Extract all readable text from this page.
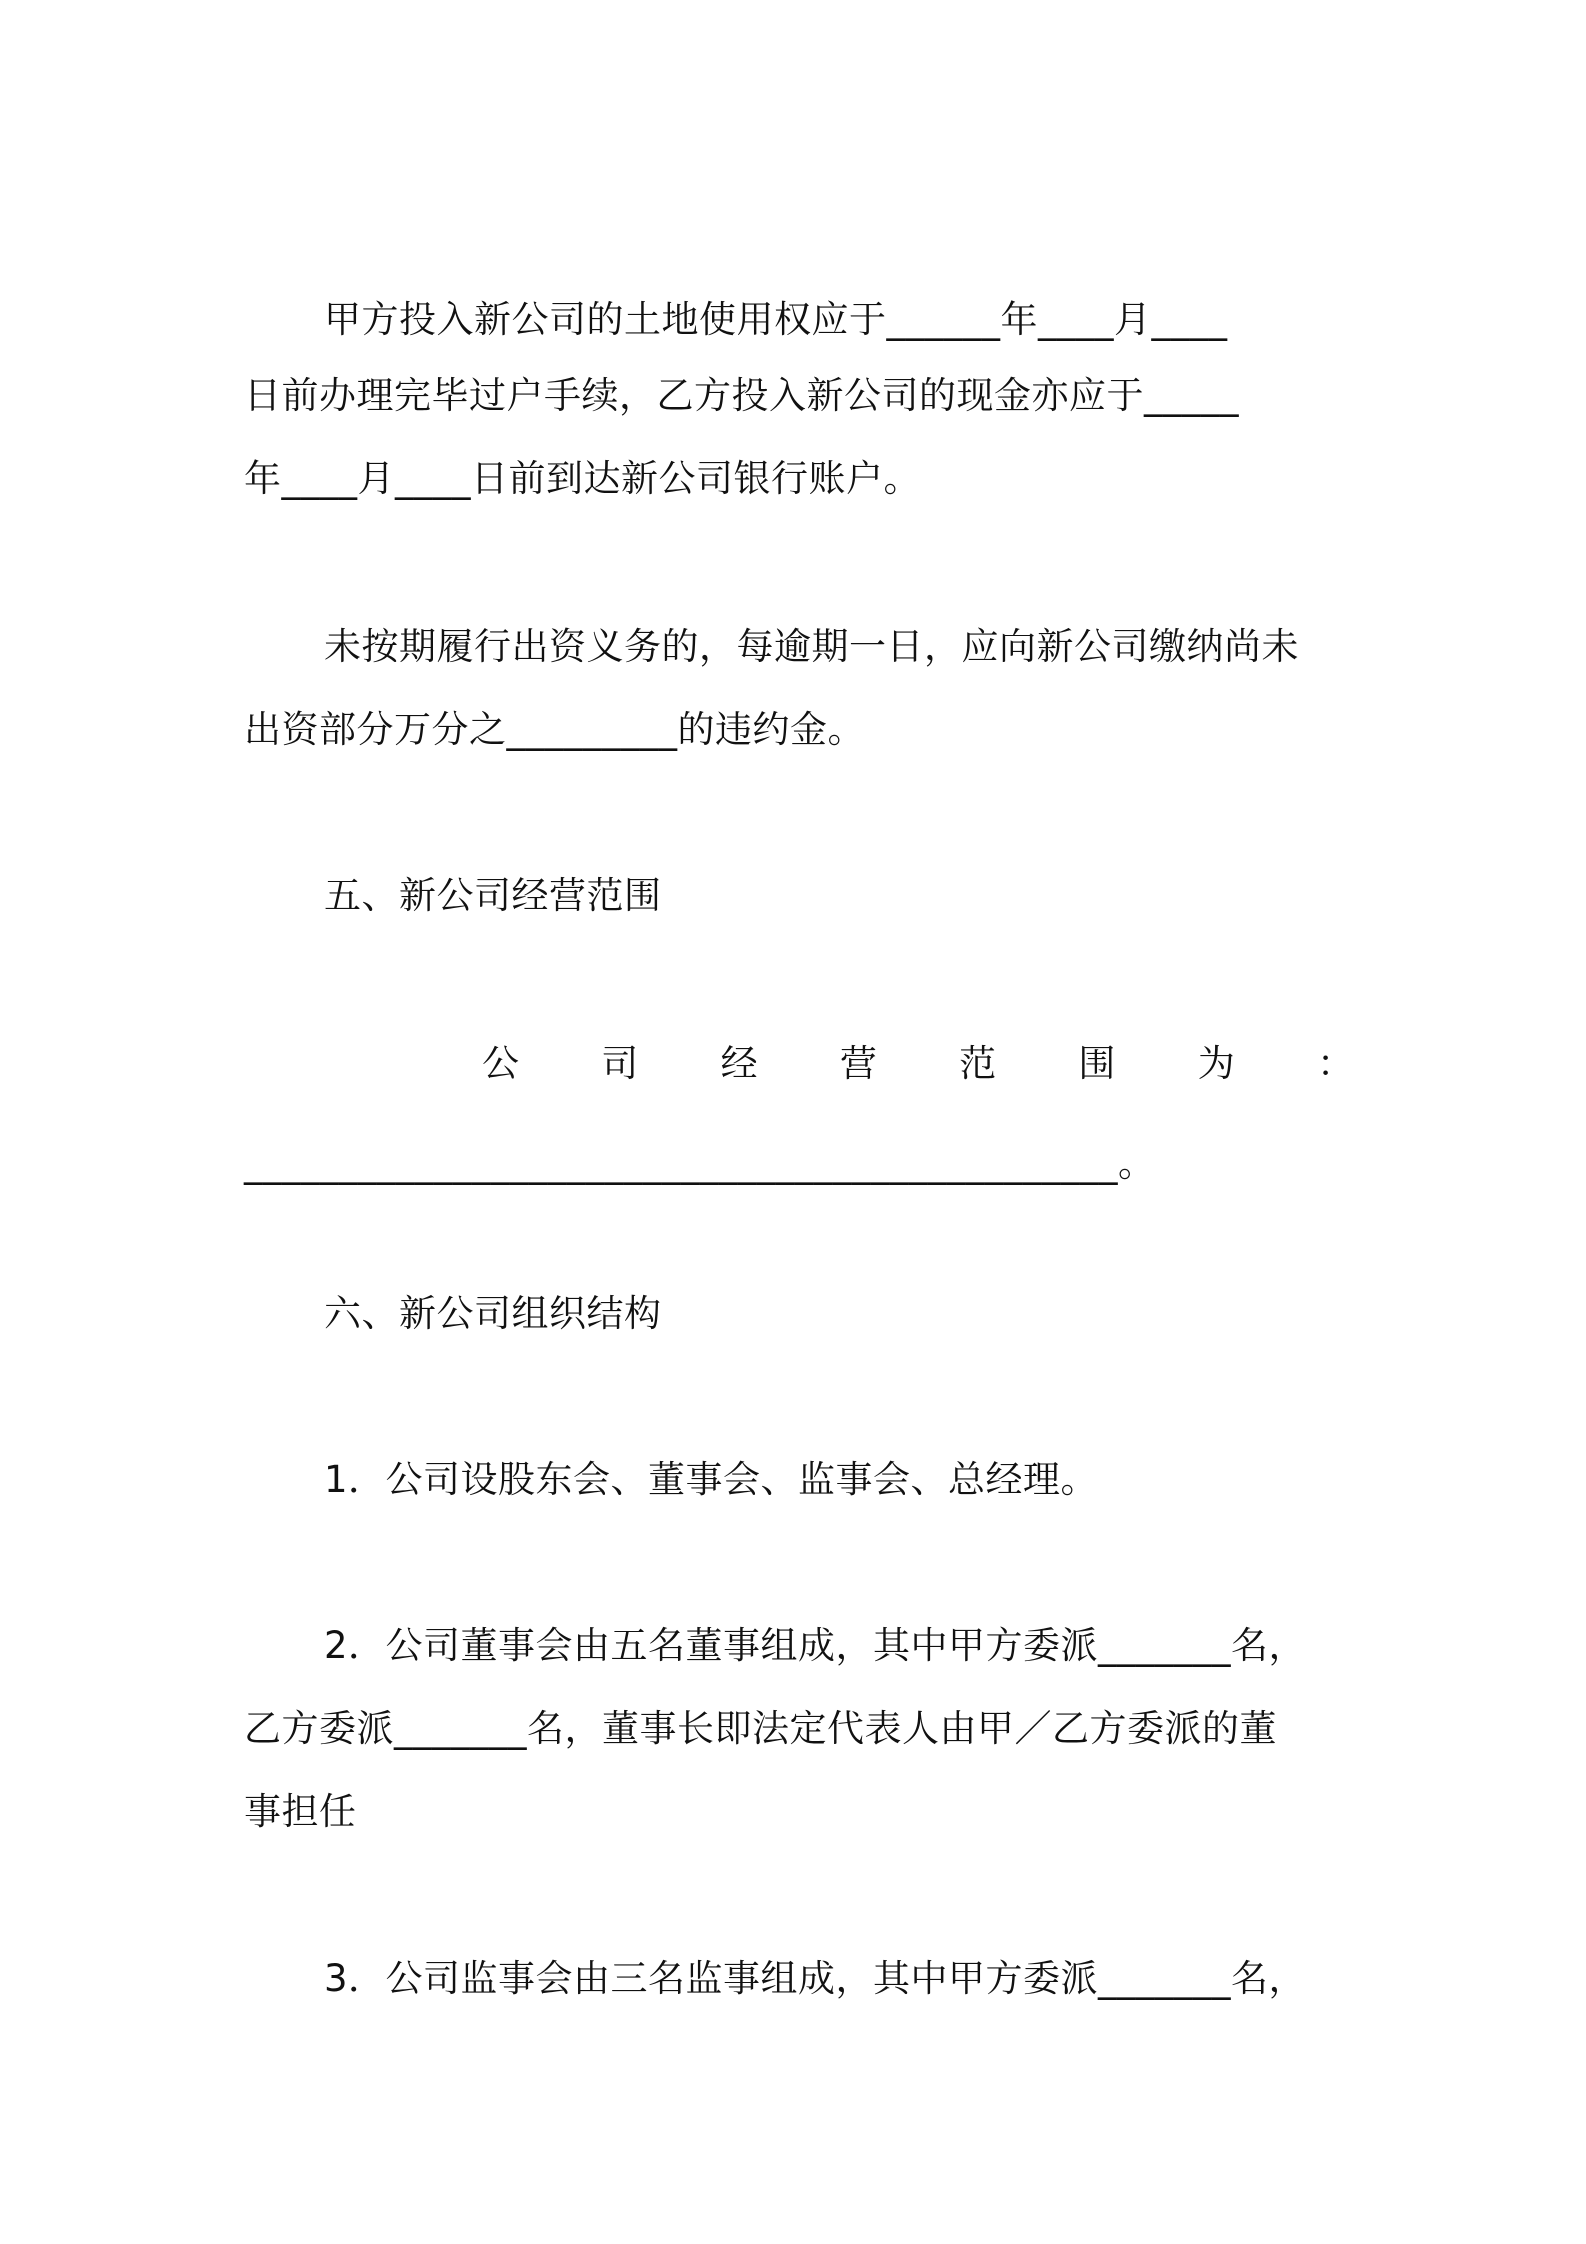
甲方投入新公司的土地使用权应于______年____月____
日前办理完毕过户手续，乙方投入新公司的现金亦应于_____
年____月____日前到达新公司银行账户。
未按期履行出资义务的，每逾期一日，应向新公司缴纳尚未
出资部分万分之_________的违约金。
五、新公司经营范围
公 司 经 营 范 围 为 ：
______________________________________________。
六、新公司组织结构
1．公司设股东会、董事会、监事会、总经理。
2．公司董事会由五名董事组成，其中甲方委派_______名，
乙方委派_______名，董事长即法定代表人由甲／乙方委派的董
事担任
3．公司监事会由三名监事组成，其中甲方委派_______名，
